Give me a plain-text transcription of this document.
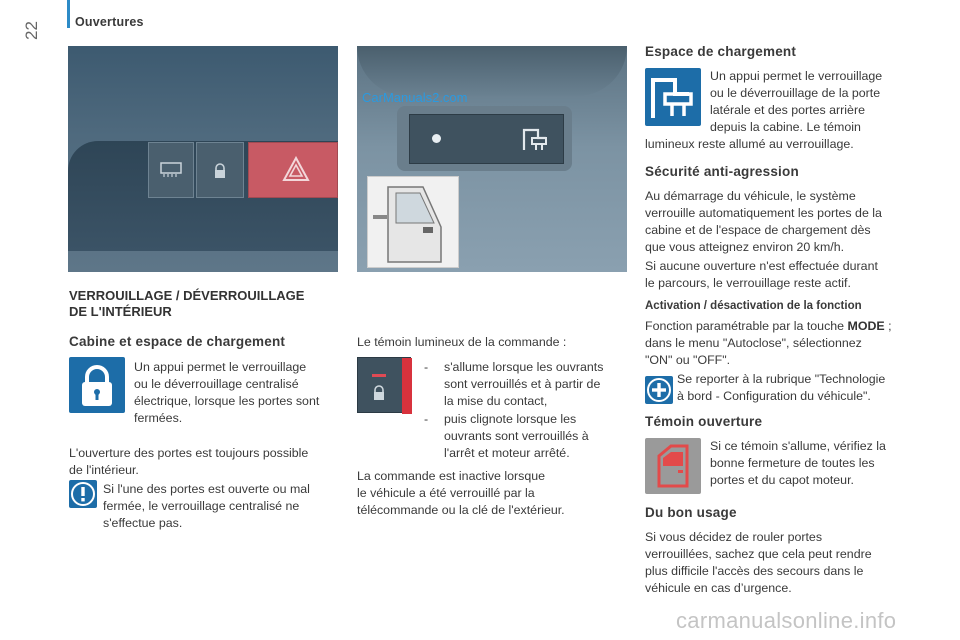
22	Ouvertures
CarManuals2.com
VERROUILLAGE / DÉVERROUILLAGE
DE L'INTÉRIEUR
Cabine et espace de chargement
Un appui permet le verrouillage
ou le déverrouillage centralisé
électrique, lorsque les portes sont
fermées.
L'ouverture des portes est toujours possible
de l'intérieur.
Si l'une des portes est ouverte ou mal
fermée, le verrouillage centralisé ne
s'effectue pas.
Le témoin lumineux de la commande :
- s'allume lorsque les ouvrants
sont verrouillés et à partir de
la mise du contact,
- puis clignote lorsque les
ouvrants sont verrouillés à
l'arrêt et moteur arrêté.
La commande est inactive lorsque
le véhicule a été verrouillé par la
télécommande ou la clé de l'extérieur.
Espace de chargement
Un appui permet le verrouillage
ou le déverrouillage de la porte
latérale et des portes arrière
depuis la cabine. Le témoin
lumineux reste allumé au verrouillage.
Sécurité anti-agression
Au démarrage du véhicule, le système
verrouille automatiquement les portes de la
cabine et de l'espace de chargement dès
que vous atteignez environ 20 km/h.
Si aucune ouverture n'est effectuée durant
le parcours, le verrouillage reste actif.
Activation / désactivation de la fonction
Fonction paramétrable par la touche MODE ;
dans le menu "Autoclose", sélectionnez
"ON" ou "OFF".
Se reporter à la rubrique "Technologie
à bord - Configuration du véhicule".
Témoin ouverture
Si ce témoin s'allume, vérifiez la
bonne fermeture de toutes les
portes et du capot moteur.
Du bon usage
Si vous décidez de rouler portes
verrouillées, sachez que cela peut rendre
plus difficile l'accès des secours dans le
véhicule en cas d’urgence.
carmanualsonline.info
